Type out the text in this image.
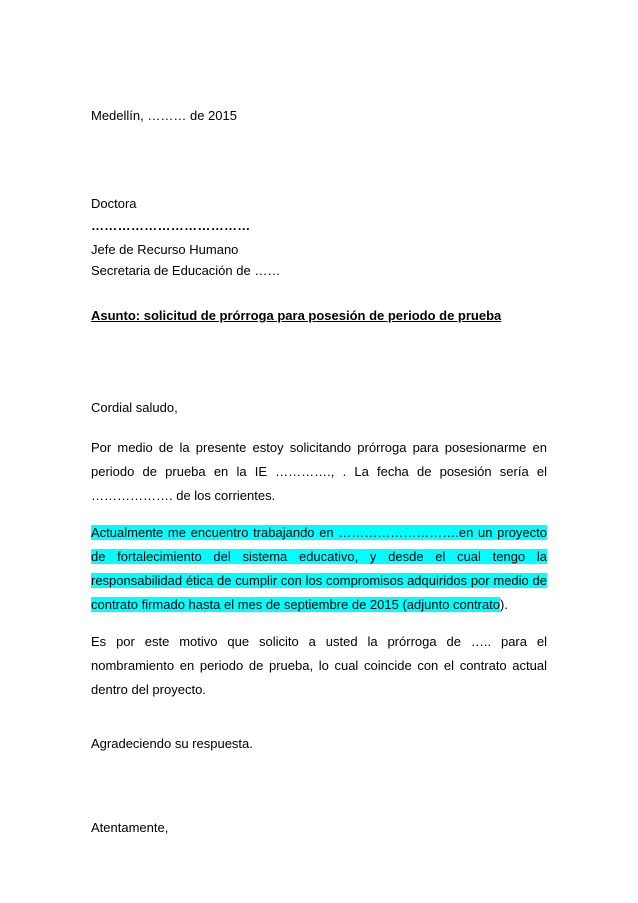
Medellín, ……… de 2015

Doctora

………………………………

Jefe de Recurso Humano

Secretaria de Educación de ……

Asunto: solicitud de prórroga para posesión de periodo de prueba

Cordial saludo,

Por medio de la presente estoy solicitando prórroga para posesionarme en periodo de prueba en la IE …………., . La fecha de posesión sería el ………………. de los corrientes.

Actualmente me encuentro trabajando en ……………………….en un proyecto de fortalecimiento del sistema educativo, y desde el cual tengo la responsabilidad ética de cumplir con los compromisos adquiridos por medio de contrato firmado hasta el mes de septiembre de 2015 (adjunto contrato).

Es por este motivo que solicito a usted la prórroga de ….. para el nombramiento en periodo de prueba, lo cual coincide con el contrato actual dentro del proyecto.

Agradeciendo su respuesta.

Atentamente,
